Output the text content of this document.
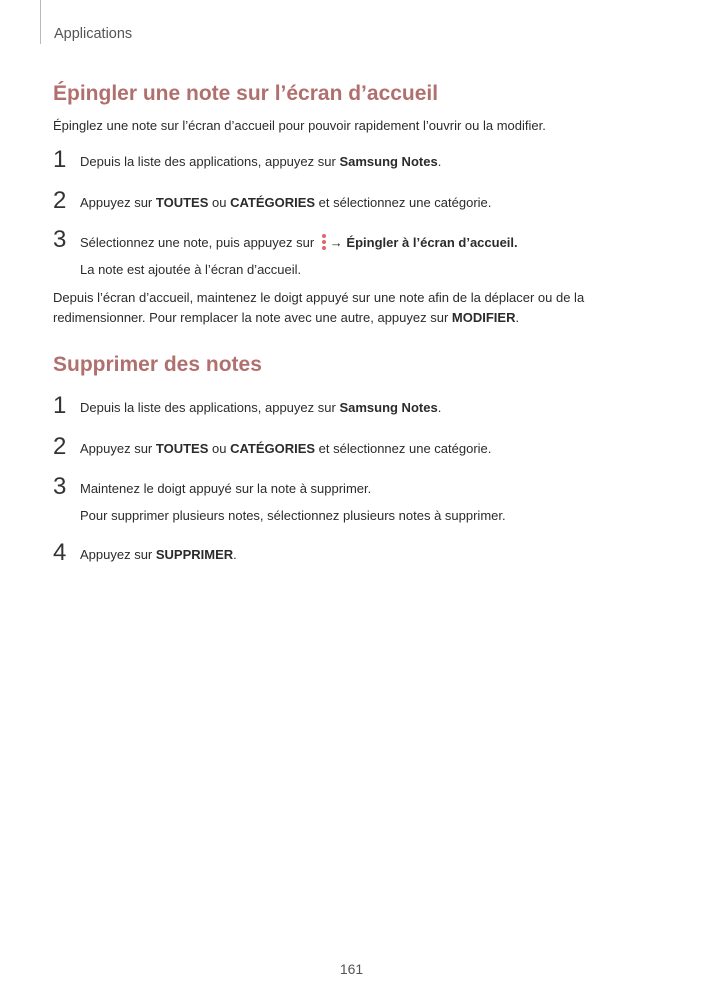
Applications
Épingler une note sur l’écran d’accueil
Épinglez une note sur l’écran d’accueil pour pouvoir rapidement l’ouvrir ou la modifier.
1 Depuis la liste des applications, appuyez sur Samsung Notes.
2 Appuyez sur TOUTES ou CATÉGORIES et sélectionnez une catégorie.
3 Sélectionnez une note, puis appuyez sur → Épingler à l’écran d’accueil.
La note est ajoutée à l’écran d’accueil.
Depuis l’écran d’accueil, maintenez le doigt appuyé sur une note afin de la déplacer ou de la
redimensionner. Pour remplacer la note avec une autre, appuyez sur MODIFIER.
Supprimer des notes
1 Depuis la liste des applications, appuyez sur Samsung Notes.
2 Appuyez sur TOUTES ou CATÉGORIES et sélectionnez une catégorie.
3 Maintenez le doigt appuyé sur la note à supprimer.
Pour supprimer plusieurs notes, sélectionnez plusieurs notes à supprimer.
4 Appuyez sur SUPPRIMER.
161
